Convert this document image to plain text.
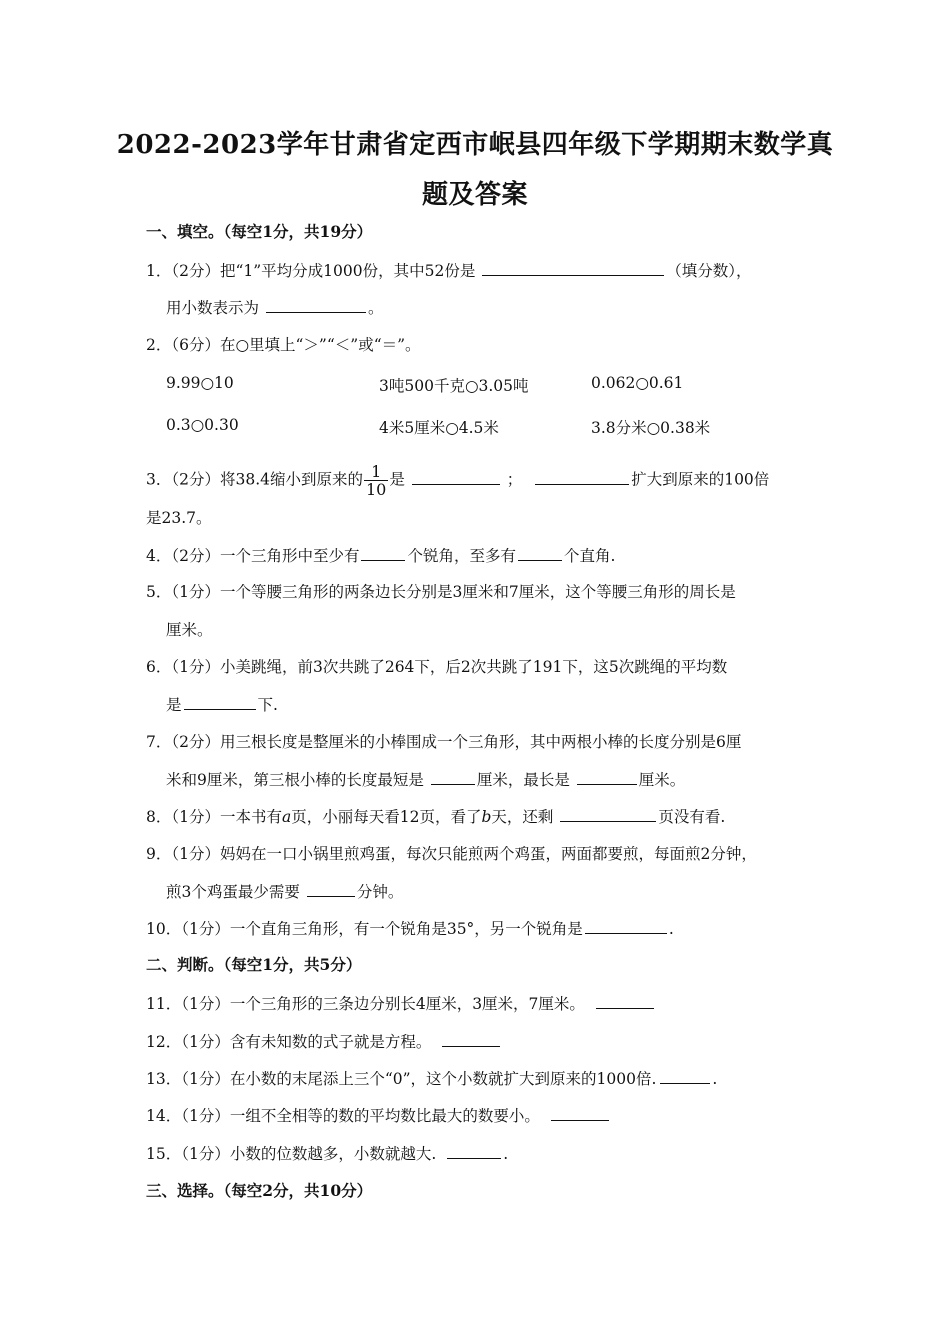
2022-2023学年甘肃省定西市岷县四年级下学期期末数学真
题及答案
一、填空。（每空1分，共19分）
1．（2分）把“1”平均分成1000份，其中52份是	（填分数），
用小数表示为	。
2．（6分）在○里填上“＞”“＜”或“＝”。
9.99○10	3吨500千克○3.05吨	0.062○0.61
0.3○0.30	4米5厘米○4.5米	3.8分米○0.38米
3．（2分）将38.4缩小到原来的 $\frac{1}{10}$ 是	；	扩大到原来的100倍
是23.7。
4．（2分）一个三角形中至少有	个锐角，至多有	个直角.
5．（1分）一个等腰三角形的两条边长分别是3厘米和7厘米，这个等腰三角形的周长是
厘米。
6．（1分）小美跳绳，前3次共跳了264下，后2次共跳了191下，这5次跳绳的平均数
是	下.
7．（2分）用三根长度是整厘米的小棒围成一个三角形，其中两根小棒的长度分别是6厘
米和9厘米，第三根小棒的长度最短是	厘米，最长是	厘米。
8．（1分）一本书有a页，小丽每天看12页，看了b天，还剩	页没有看.
9．（1分）妈妈在一口小锅里煎鸡蛋，每次只能煎两个鸡蛋，两面都要煎，每面煎2分钟，
煎3个鸡蛋最少需要	分钟。
10．（1分）一个直角三角形，有一个锐角是35°，另一个锐角是	.
二、判断。（每空1分，共5分）
11．（1分）一个三角形的三条边分别长4厘米，3厘米，7厘米。
12．（1分）含有未知数的式子就是方程。
13．（1分）在小数的末尾添上三个“0”，这个小数就扩大到原来的1000倍.	.
14．（1分）一组不全相等的数的平均数比最大的数要小。
15．（1分）小数的位数越多，小数就越大.	.
三、选择。（每空2分，共10分）
